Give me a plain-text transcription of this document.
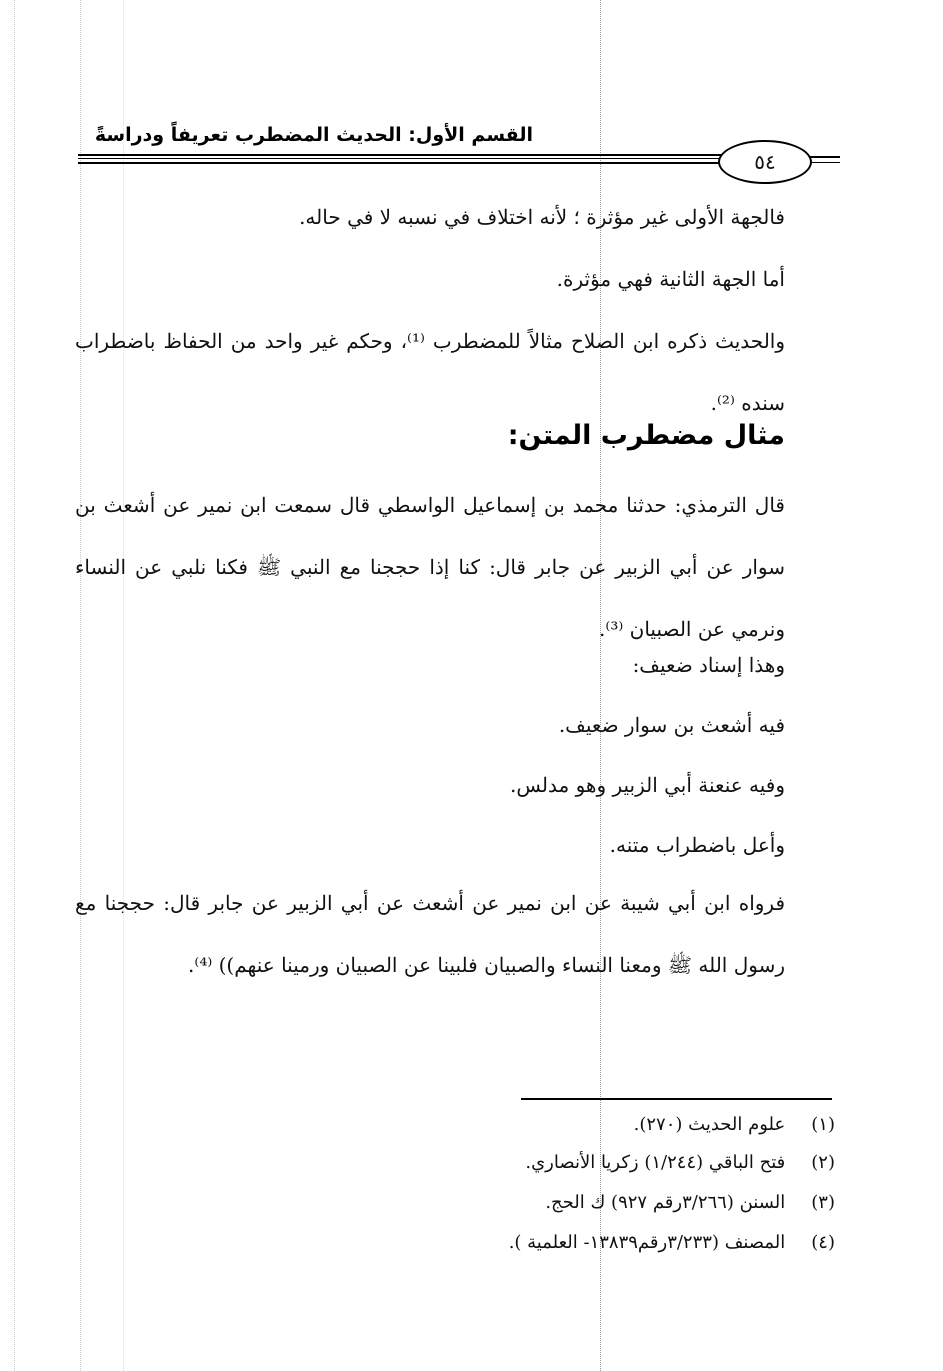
القسم الأول: الحديث المضطرب تعريفاً ودراسةً
٥٤
فالجهة الأولى غير مؤثرة ؛ لأنه اختلاف في نسبه لا في حاله.
أما الجهة الثانية فهي مؤثرة.
والحديث ذكره ابن الصلاح مثالاً للمضطرب ⁽¹⁾، وحكم غير واحد من الحفاظ باضطراب سنده ⁽²⁾.
مثال مضطرب المتن:
قال الترمذي: حدثنا محمد بن إسماعيل الواسطي قال سمعت ابن نمير عن أشعث بن سوار عن أبي الزبير عن جابر قال: كنا إذا حججنا مع النبي ﷺ فكنا نلبي عن النساء ونرمي عن الصبيان ⁽³⁾.
وهذا إسناد ضعيف:
فيه أشعث بن سوار ضعيف.
وفيه عنعنة أبي الزبير وهو مدلس.
وأعل باضطراب متنه.
فرواه ابن أبي شيبة عن ابن نمير عن أشعث عن أبي الزبير عن جابر قال: حججنا مع رسول الله ﷺ ومعنا النساء والصبيان فلبينا عن الصبيان ورمينا عنهم)) ⁽⁴⁾.
(١) علوم الحديث (٢٧٠).
(٢) فتح الباقي (١/٢٤٤) زكريا الأنصاري.
(٣) السنن (٣/٢٦٦رقم ٩٢٧) ك الحج.
(٤) المصنف (٣/٢٣٣رقم١٣٨٣٩- العلمية ).
